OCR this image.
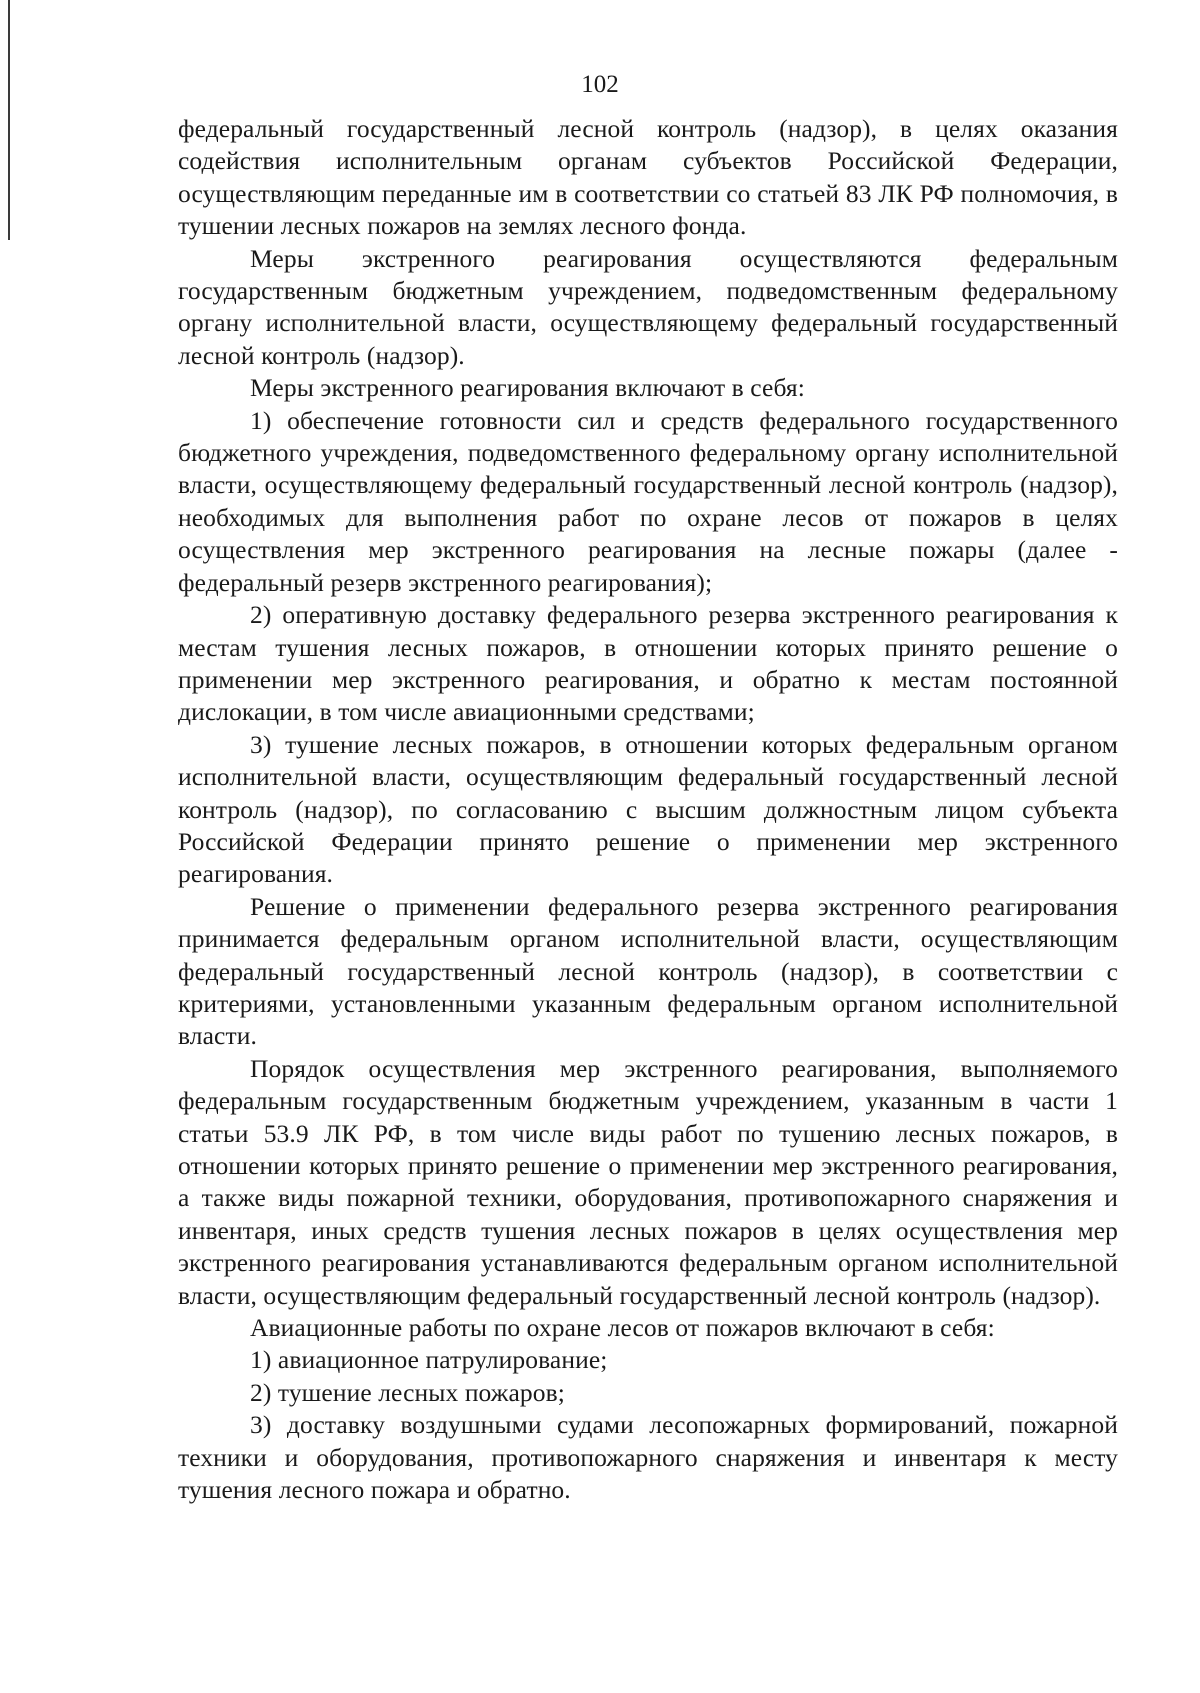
102

федеральный государственный лесной контроль (надзор), в целях оказания содействия исполнительным органам субъектов Российской Федерации, осуществляющим переданные им в соответствии со статьей 83 ЛК РФ полномочия, в тушении лесных пожаров на землях лесного фонда.

Меры экстренного реагирования осуществляются федеральным государственным бюджетным учреждением, подведомственным федеральному органу исполнительной власти, осуществляющему федеральный государственный лесной контроль (надзор).

Меры экстренного реагирования включают в себя:

1) обеспечение готовности сил и средств федерального государственного бюджетного учреждения, подведомственного федеральному органу исполнительной власти, осуществляющему федеральный государственный лесной контроль (надзор), необходимых для выполнения работ по охране лесов от пожаров в целях осуществления мер экстренного реагирования на лесные пожары (далее - федеральный резерв экстренного реагирования);

2) оперативную доставку федерального резерва экстренного реагирования к местам тушения лесных пожаров, в отношении которых принято решение о применении мер экстренного реагирования, и обратно к местам постоянной дислокации, в том числе авиационными средствами;

3) тушение лесных пожаров, в отношении которых федеральным органом исполнительной власти, осуществляющим федеральный государственный лесной контроль (надзор), по согласованию с высшим должностным лицом субъекта Российской Федерации принято решение о применении мер экстренного реагирования.

Решение о применении федерального резерва экстренного реагирования принимается федеральным органом исполнительной власти, осуществляющим федеральный государственный лесной контроль (надзор), в соответствии с критериями, установленными указанным федеральным органом исполнительной власти.

Порядок осуществления мер экстренного реагирования, выполняемого федеральным государственным бюджетным учреждением, указанным в части 1 статьи 53.9 ЛК РФ, в том числе виды работ по тушению лесных пожаров, в отношении которых принято решение о применении мер экстренного реагирования, а также виды пожарной техники, оборудования, противопожарного снаряжения и инвентаря, иных средств тушения лесных пожаров в целях осуществления мер экстренного реагирования устанавливаются федеральным органом исполнительной власти, осуществляющим федеральный государственный лесной контроль (надзор).

Авиационные работы по охране лесов от пожаров включают в себя:

1) авиационное патрулирование;

2) тушение лесных пожаров;

3) доставку воздушными судами лесопожарных формирований, пожарной техники и оборудования, противопожарного снаряжения и инвентаря к месту тушения лесного пожара и обратно.
